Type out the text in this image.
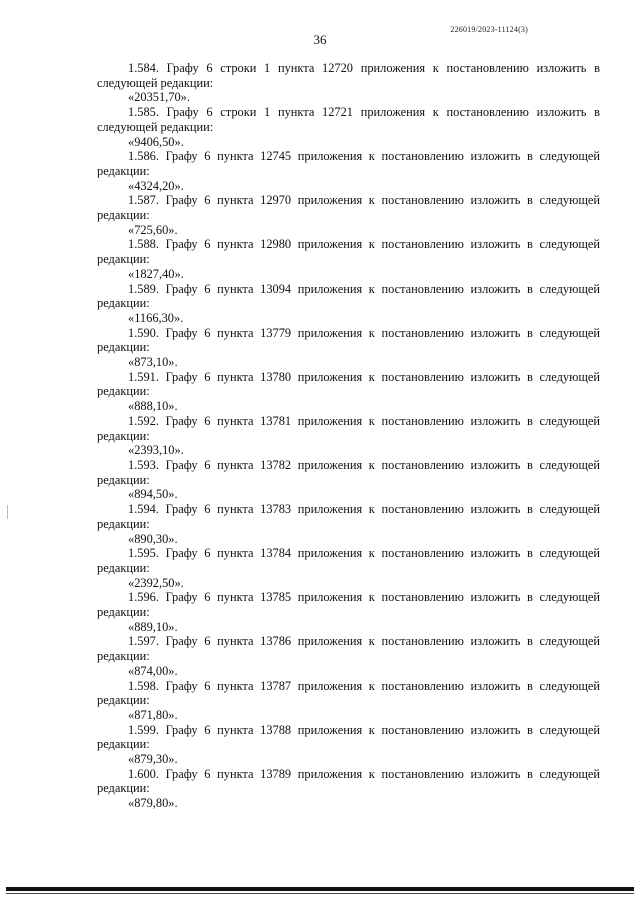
226019/2023-11124(3)
36

1.584. Графу 6 строки 1 пункта 12720 приложения к постановлению изложить в следующей редакции:

«20351,70».

1.585. Графу 6 строки 1 пункта 12721 приложения к постановлению изложить в следующей редакции:

«9406,50».

1.586. Графу 6 пункта 12745 приложения к постановлению изложить в следующей редакции:

«4324,20».

1.587. Графу 6 пункта 12970 приложения к постановлению изложить в следующей редакции:

«725,60».

1.588. Графу 6 пункта 12980 приложения к постановлению изложить в следующей редакции:

«1827,40».

1.589. Графу 6 пункта 13094 приложения к постановлению изложить в следующей редакции:

«1166,30».

1.590. Графу 6 пункта 13779 приложения к постановлению изложить в следующей редакции:

«873,10».

1.591. Графу 6 пункта 13780 приложения к постановлению изложить в следующей редакции:

«888,10».

1.592. Графу 6 пункта 13781 приложения к постановлению изложить в следующей редакции:

«2393,10».

1.593. Графу 6 пункта 13782 приложения к постановлению изложить в следующей редакции:

«894,50».

1.594. Графу 6 пункта 13783 приложения к постановлению изложить в следующей редакции:

«890,30».

1.595. Графу 6 пункта 13784 приложения к постановлению изложить в следующей редакции:

«2392,50».

1.596. Графу 6 пункта 13785 приложения к постановлению изложить в следующей редакции:

«889,10».

1.597. Графу 6 пункта 13786 приложения к постановлению изложить в следующей редакции:

«874,00».

1.598. Графу 6 пункта 13787 приложения к постановлению изложить в следующей редакции:

«871,80».

1.599. Графу 6 пункта 13788 приложения к постановлению изложить в следующей редакции:

«879,30».

1.600. Графу 6 пункта 13789 приложения к постановлению изложить в следующей редакции:

«879,80».
